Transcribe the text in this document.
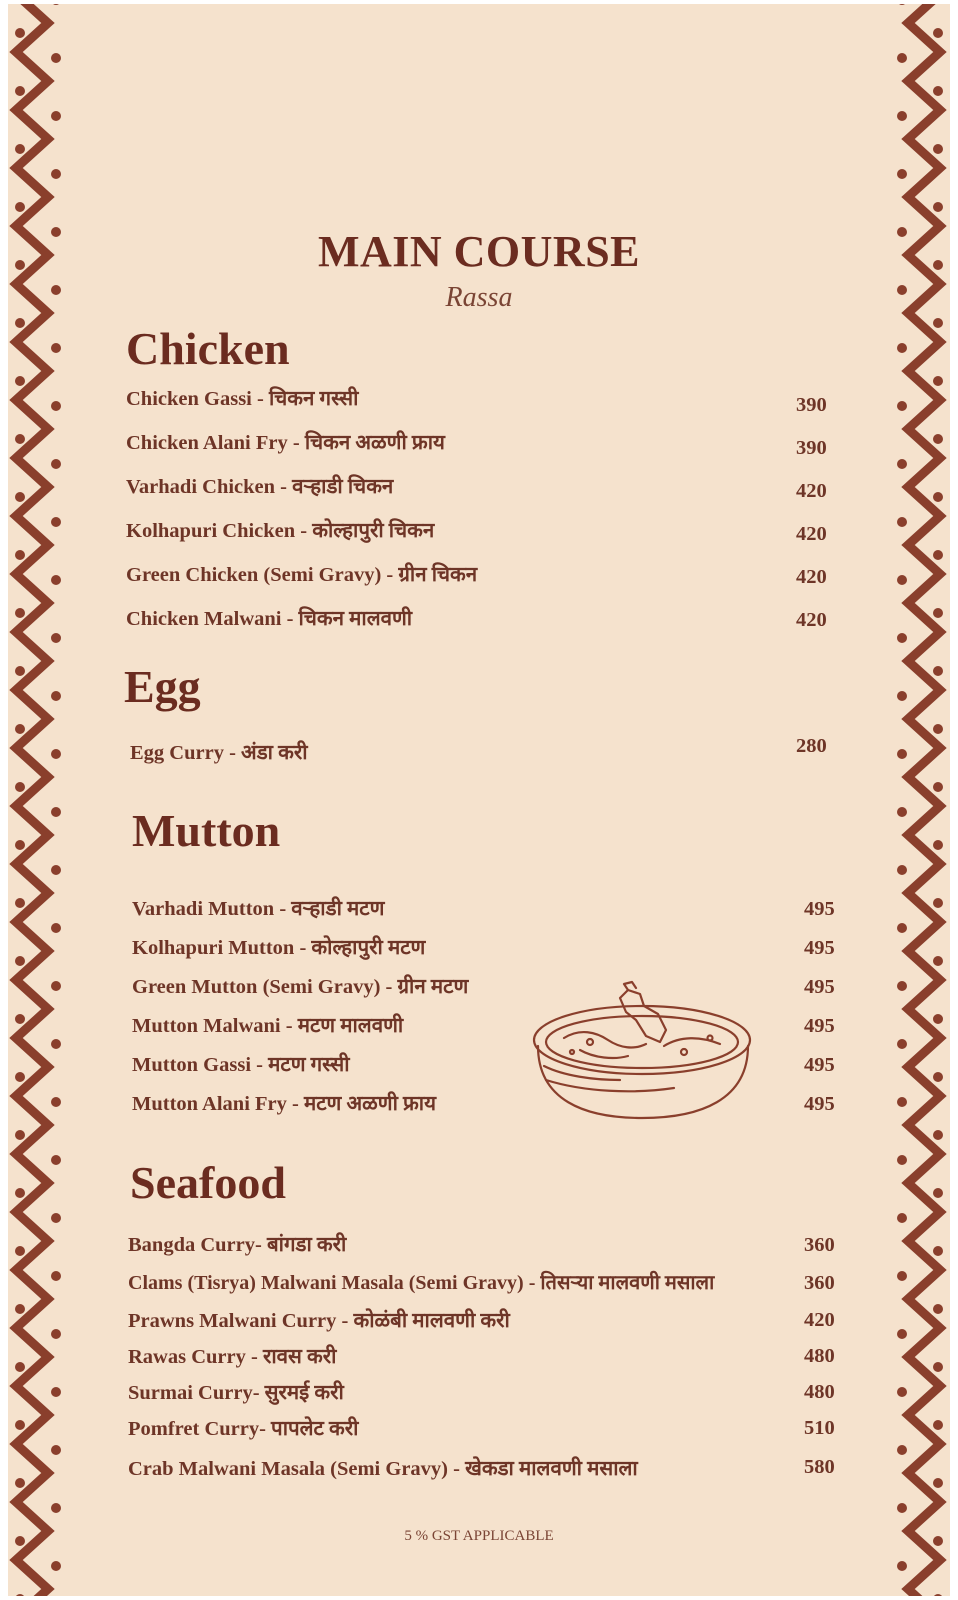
MAIN COURSE
Rassa
Chicken
Chicken Gassi - चिकन गस्सी	390
Chicken Alani Fry - चिकन अळणी फ्राय	390
Varhadi Chicken - वऱ्हाडी चिकन	420
Kolhapuri Chicken - कोल्हापुरी चिकन	420
Green Chicken (Semi Gravy) - ग्रीन चिकन	420
Chicken Malwani - चिकन मालवणी	420
Egg
Egg Curry - अंडा करी	280
Mutton
Varhadi Mutton - वऱ्हाडी मटण	495
Kolhapuri Mutton - कोल्हापुरी मटण	495
Green Mutton (Semi Gravy) - ग्रीन मटण	495
Mutton Malwani - मटण मालवणी	495
Mutton Gassi - मटण गस्सी	495
Mutton Alani Fry - मटण अळणी फ्राय	495
Seafood
Bangda Curry- बांगडा करी	360
Clams (Tisrya) Malwani Masala (Semi Gravy) - तिसऱ्या मालवणी मसाला	360
Prawns Malwani Curry - कोळंबी मालवणी करी	420
Rawas Curry - रावस करी	480
Surmai Curry- सुरमई करी	480
Pomfret Curry- पापलेट करी	510
Crab Malwani Masala (Semi Gravy) - खेकडा मालवणी मसाला	580
5 % GST APPLICABLE
